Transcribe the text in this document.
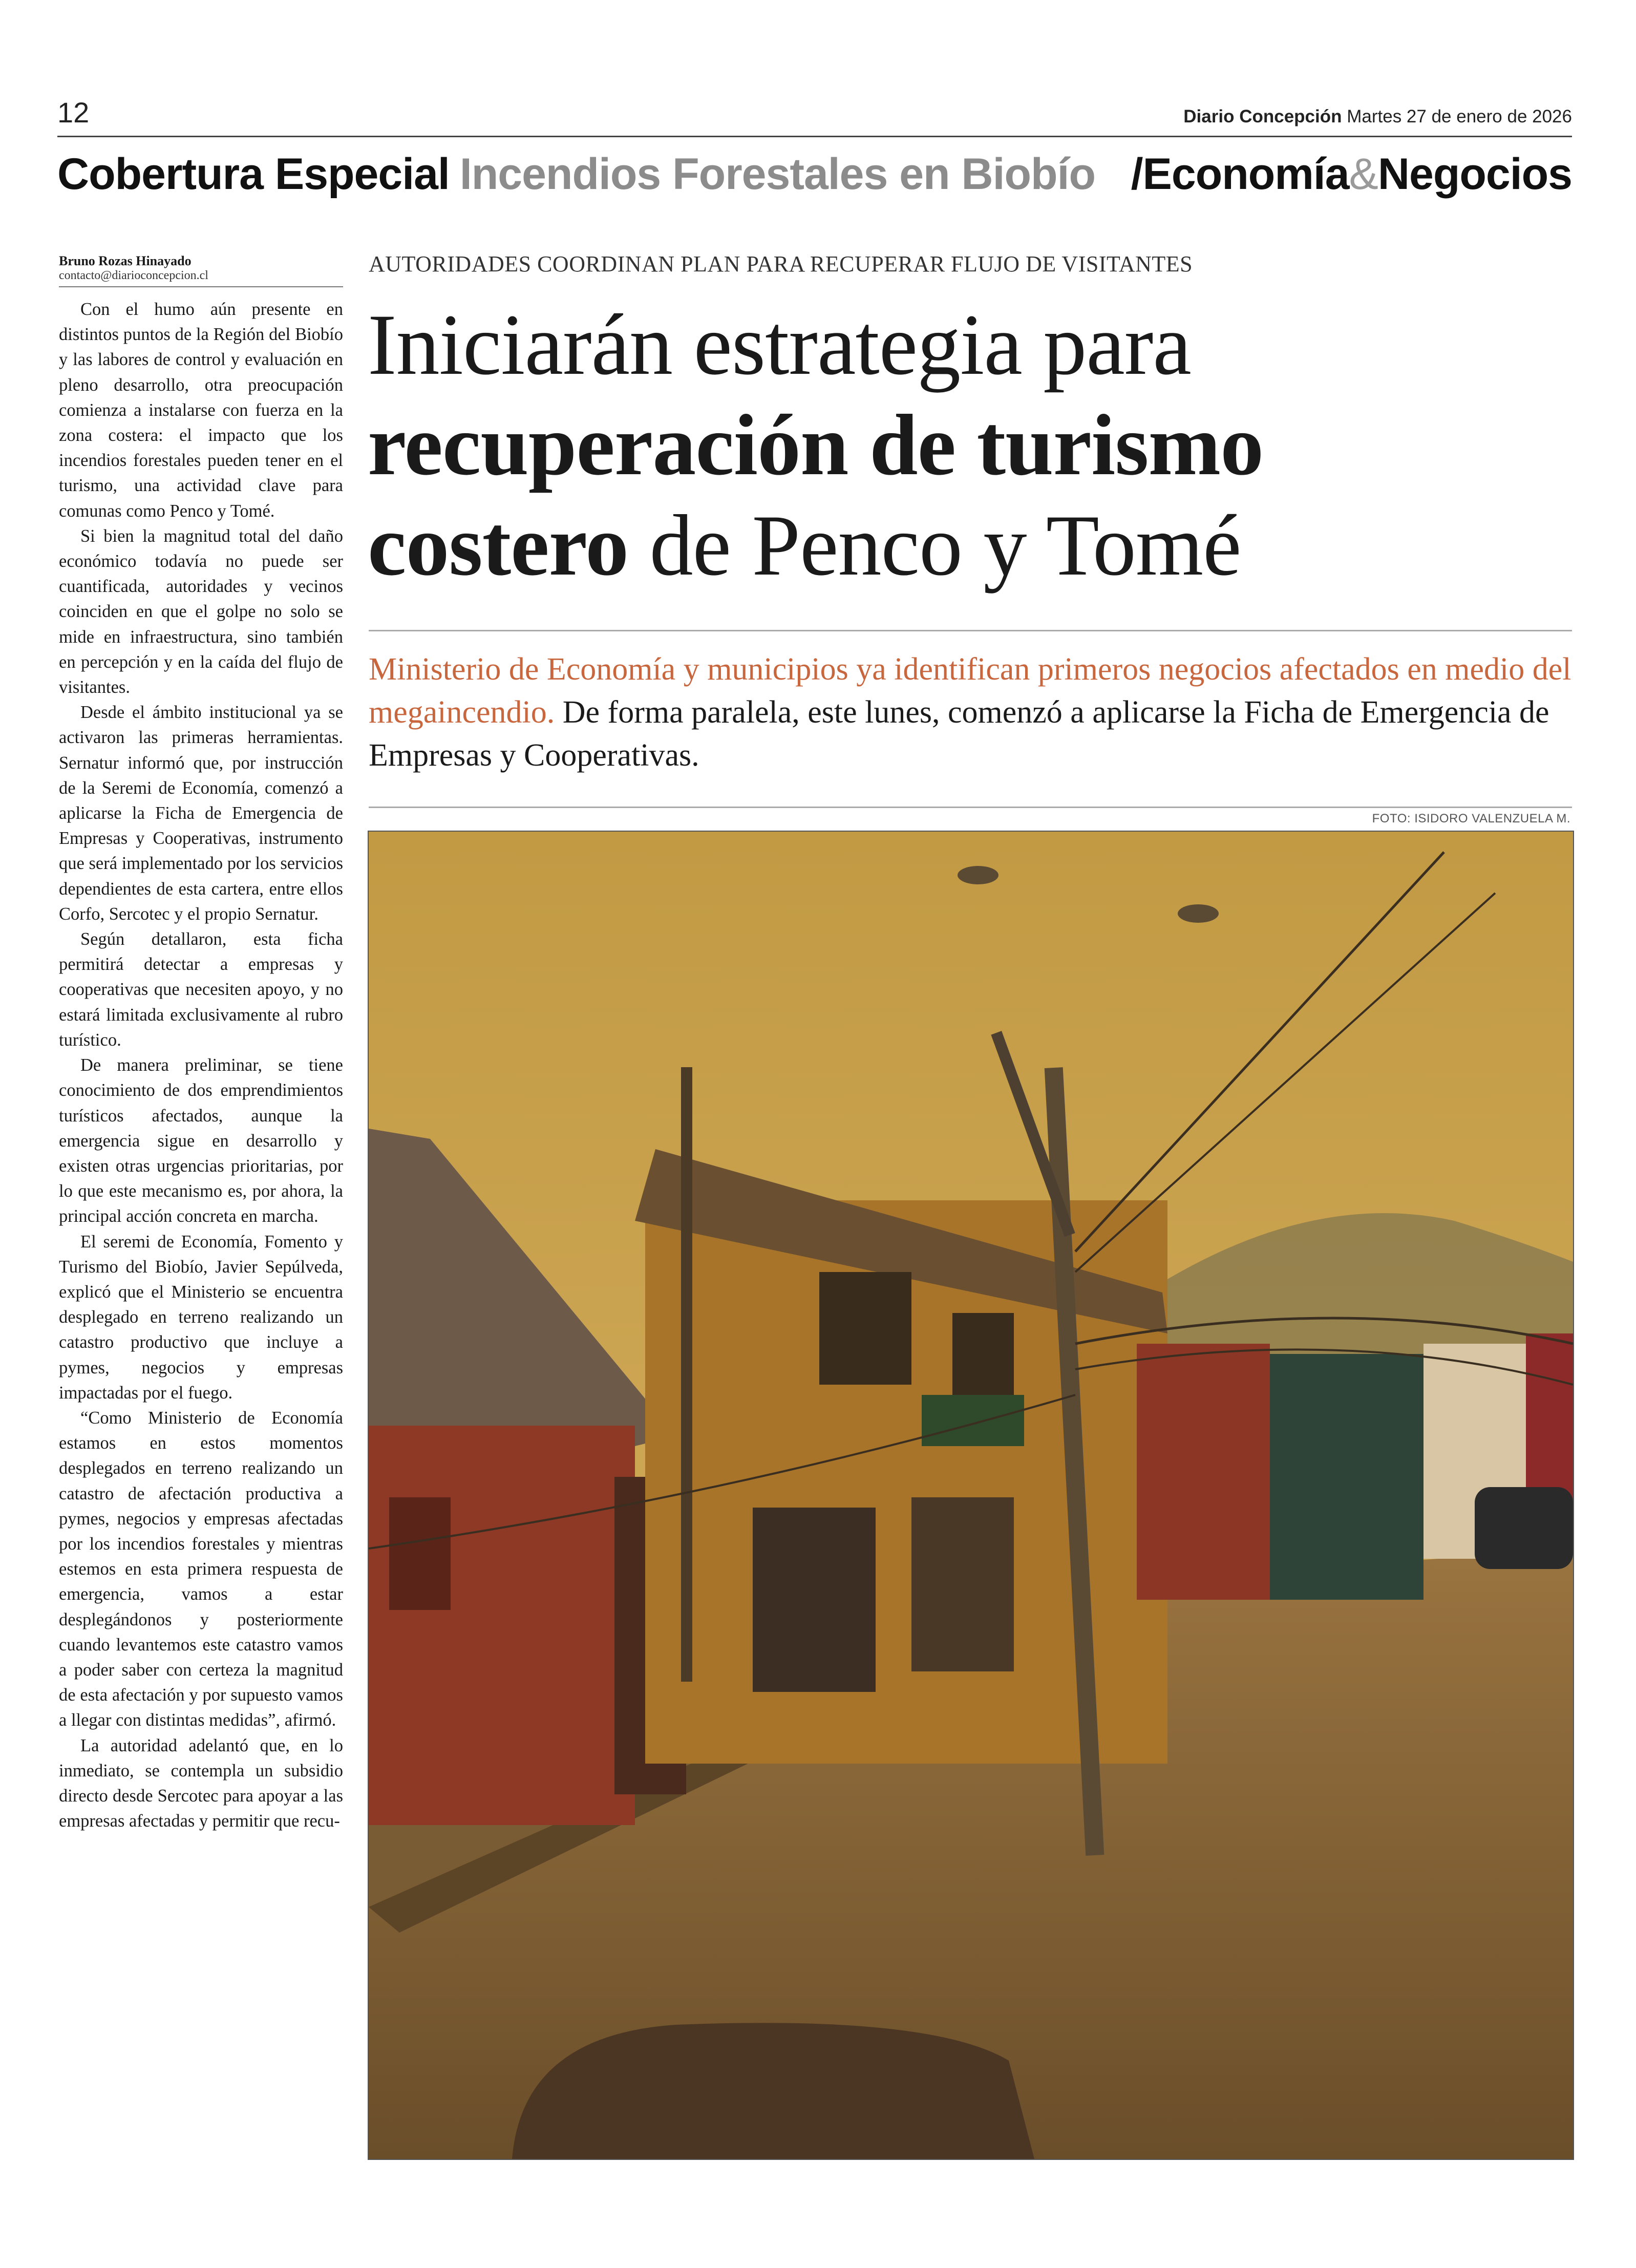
12	Diario Concepción Martes 27 de enero de 2026
Cobertura Especial Incendios Forestales en Biobío /Economía&Negocios
Bruno Rozas Hinayado
contacto@diarioconcepcion.cl

Con el humo aún presente en distintos puntos de la Región del Biobío y las labores de control y evaluación en pleno desarrollo, otra preocupación comienza a instalarse con fuerza en la zona costera: el impacto que los incendios forestales pueden tener en el turismo, una actividad clave para comunas como Penco y Tomé.

Si bien la magnitud total del daño económico todavía no puede ser cuantificada, autoridades y vecinos coinciden en que el golpe no solo se mide en infraestructura, sino también en percepción y en la caída del flujo de visitantes.

Desde el ámbito institucional ya se activaron las primeras herramientas. Sernatur informó que, por instrucción de la Seremi de Economía, comenzó a aplicarse la Ficha de Emergencia de Empresas y Cooperativas, instrumento que será implementado por los servicios dependientes de esta cartera, entre ellos Corfo, Sercotec y el propio Sernatur.

Según detallaron, esta ficha permitirá detectar a empresas y cooperativas que necesiten apoyo, y no estará limitada exclusivamente al rubro turístico.

De manera preliminar, se tiene conocimiento de dos emprendimientos turísticos afectados, aunque la emergencia sigue en desarrollo y existen otras urgencias prioritarias, por lo que este mecanismo es, por ahora, la principal acción concreta en marcha.

El seremi de Economía, Fomento y Turismo del Biobío, Javier Sepúlveda, explicó que el Ministerio se encuentra desplegado en terreno realizando un catastro productivo que incluye a pymes, negocios y empresas impactadas por el fuego.

“Como Ministerio de Economía estamos en estos momentos desplegados en terreno realizando un catastro de afectación productiva a pymes, negocios y empresas afectadas por los incendios forestales y mientras estemos en esta primera respuesta de emergencia, vamos a estar desplegándonos y posteriormente cuando levantemos este catastro vamos a poder saber con certeza la magnitud de esta afectación y por supuesto vamos a llegar con distintas medidas”, afirmó.

La autoridad adelantó que, en lo inmediato, se contempla un subsidio directo desde Sercotec para apoyar a las empresas afectadas y permitir que recu-

AUTORIDADES COORDINAN PLAN PARA RECUPERAR FLUJO DE VISITANTES
Iniciarán estrategia para
recuperación de turismo
costero de Penco y Tomé
Ministerio de Economía y municipios ya identifican primeros negocios afectados en medio del megaincendio. De forma paralela, este lunes, comenzó a aplicarse la Ficha de Emergencia de Empresas y Cooperativas.
FOTO: ISIDORO VALENZUELA M.
